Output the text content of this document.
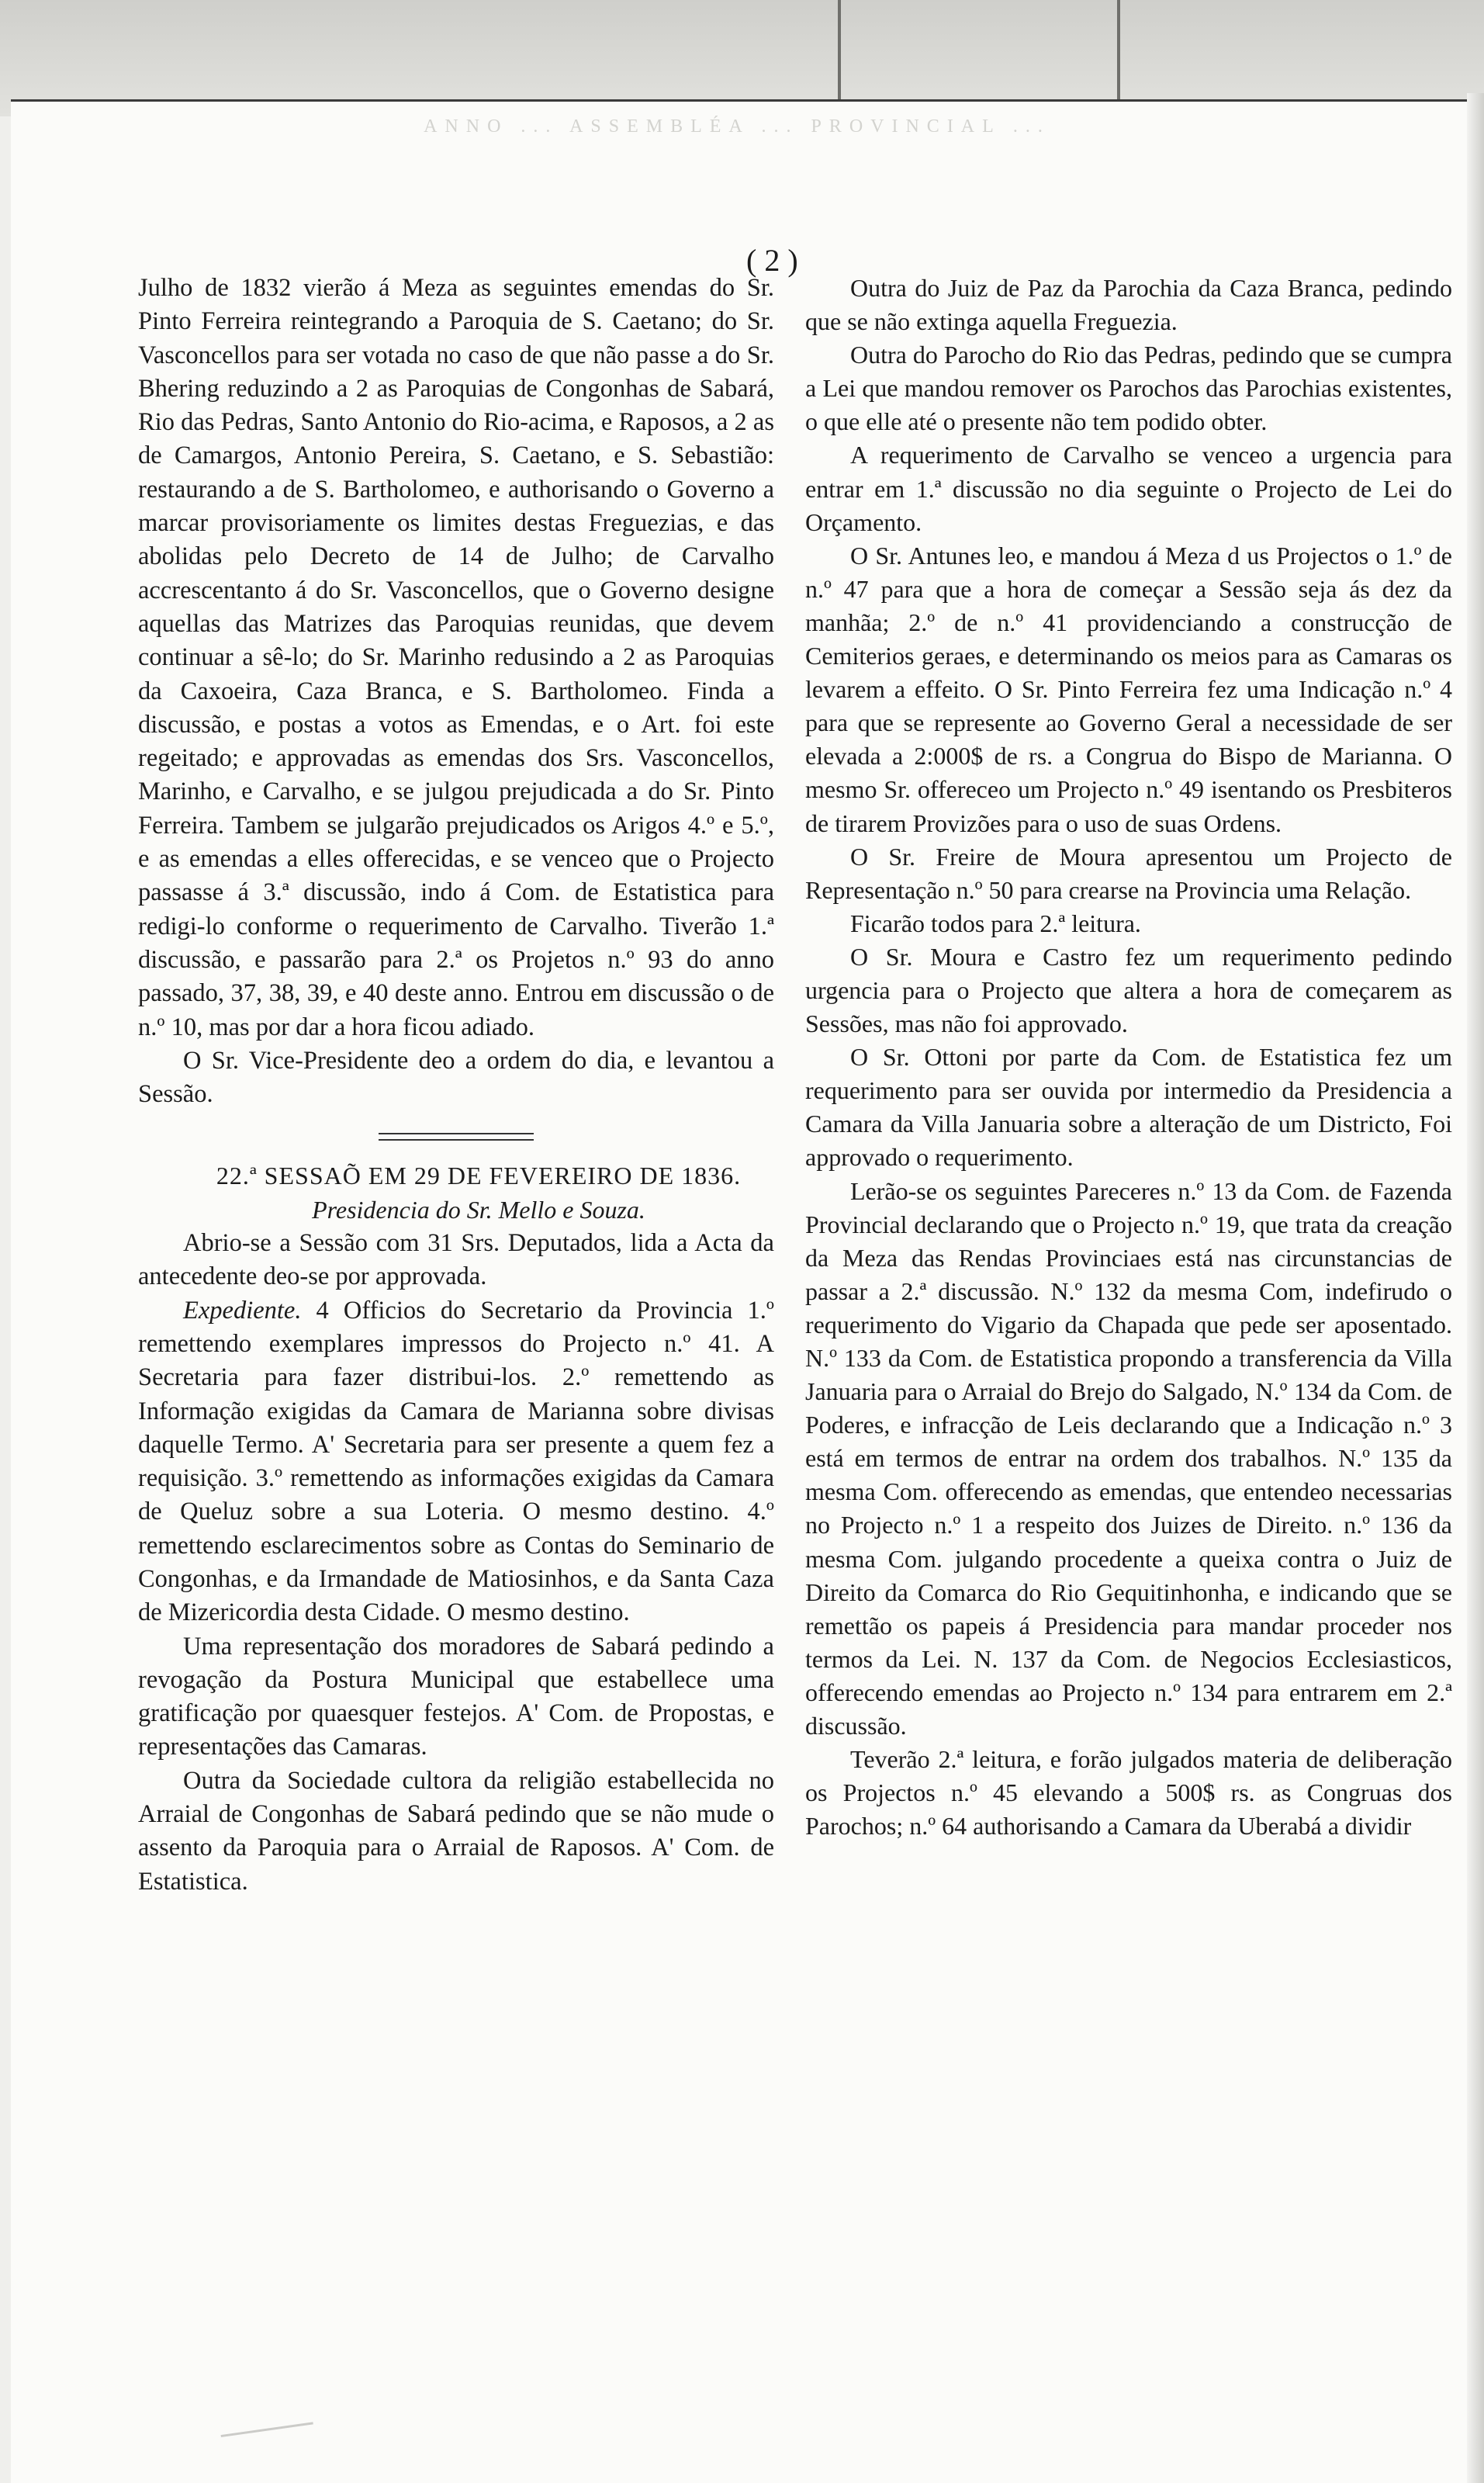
ANNO ... ASSEMBLÉA ... PROVINCIAL ...
( 2 )

Julho de 1832 vierão á Meza as seguintes emendas do Sr. Pinto Ferreira reintegrando a Paroquia de S. Caetano; do Sr. Vasconcellos para ser votada no caso de que não passe a do Sr. Bhering reduzindo a 2 as Paroquias de Congonhas de Sabará, Rio das Pedras, Santo Antonio do Rio-acima, e Raposos, a 2 as de Camargos, Antonio Pereira, S. Caetano, e S. Sebastião: restaurando a de S. Bartholomeo, e authorisando o Governo a marcar provisoriamente os limites destas Freguezias, e das abolidas pelo Decreto de 14 de Julho; de Carvalho accrescentanto á do Sr. Vasconcellos, que o Governo designe aquellas das Matrizes das Paroquias reunidas, que devem continuar a sê-lo; do Sr. Marinho redusindo a 2 as Paroquias da Caxoeira, Caza Branca, e S. Bartholomeo. Finda a discussão, e postas a votos as Emendas, e o Art. foi este regeitado; e approvadas as emendas dos Srs. Vasconcellos, Marinho, e Carvalho, e se julgou prejudicada a do Sr. Pinto Ferreira. Tambem se julgarão prejudicados os Arigos 4.º e 5.º, e as emendas a elles offerecidas, e se venceo que o Projecto passasse á 3.ª discussão, indo á Com. de Estatistica para redigi-lo conforme o requerimento de Carvalho. Tiverão 1.ª discussão, e passarão para 2.ª os Projetos n.º 93 do anno passado, 37, 38, 39, e 40 deste anno. Entrou em discussão o de n.º 10, mas por dar a hora ficou adiado.

O Sr. Vice-Presidente deo a ordem do dia, e levantou a Sessão.

22.ª SESSAÕ EM 29 DE FEVEREIRO DE 1836.

Presidencia do Sr. Mello e Souza.

Abrio-se a Sessão com 31 Srs. Deputados, lida a Acta da antecedente deo-se por approvada.

Expediente. 4 Officios do Secretario da Provincia 1.º remettendo exemplares impressos do Projecto n.º 41. A Secretaria para fazer distribui-los. 2.º remettendo as Informação exigidas da Camara de Marianna sobre divisas daquelle Termo. A' Secretaria para ser presente a quem fez a requisição. 3.º remettendo as informações exigidas da Camara de Queluz sobre a sua Loteria. O mesmo destino. 4.º remettendo esclarecimentos sobre as Contas do Seminario de Congonhas, e da Irmandade de Matiosinhos, e da Santa Caza de Mizericordia desta Cidade. O mesmo destino.

Uma representação dos moradores de Sabará pedindo a revogação da Postura Municipal que estabellece uma gratificação por quaesquer festejos. A' Com. de Propostas, e representações das Camaras.

Outra da Sociedade cultora da religião estabellecida no Arraial de Congonhas de Sabará pedindo que se não mude o assento da Paroquia para o Arraial de Raposos. A' Com. de Estatistica.

Outra do Juiz de Paz da Parochia da Caza Branca, pedindo que se não extinga aquella Freguezia.

Outra do Parocho do Rio das Pedras, pedindo que se cumpra a Lei que mandou remover os Parochos das Parochias existentes, o que elle até o presente não tem podido obter.

A requerimento de Carvalho se venceo a urgencia para entrar em 1.ª discussão no dia seguinte o Projecto de Lei do Orçamento.

O Sr. Antunes leo, e mandou á Meza d us Projectos o 1.º de n.º 47 para que a hora de começar a Sessão seja ás dez da manhãa; 2.º de n.º 41 providenciando a construcção de Cemiterios geraes, e determinando os meios para as Camaras os levarem a effeito. O Sr. Pinto Ferreira fez uma Indicação n.º 4 para que se represente ao Governo Geral a necessidade de ser elevada a 2:000$ de rs. a Congrua do Bispo de Marianna. O mesmo Sr. offereceo um Projecto n.º 49 isentando os Presbiteros de tirarem Provizões para o uso de suas Ordens.

O Sr. Freire de Moura apresentou um Projecto de Representação n.º 50 para crearse na Provincia uma Relação.

Ficarão todos para 2.ª leitura.

O Sr. Moura e Castro fez um requerimento pedindo urgencia para o Projecto que altera a hora de começarem as Sessões, mas não foi approvado.

O Sr. Ottoni por parte da Com. de Estatistica fez um requerimento para ser ouvida por intermedio da Presidencia a Camara da Villa Januaria sobre a alteração de um Districto, Foi approvado o requerimento.

Lerão-se os seguintes Pareceres n.º 13 da Com. de Fazenda Provincial declarando que o Projecto n.º 19, que trata da creação da Meza das Rendas Provinciaes está nas circunstancias de passar a 2.ª discussão. N.º 132 da mesma Com, indefirudo o requerimento do Vigario da Chapada que pede ser aposentado. N.º 133 da Com. de Estatistica propondo a transferencia da Villa Januaria para o Arraial do Brejo do Salgado, N.º 134 da Com. de Poderes, e infracção de Leis declarando que a Indicação n.º 3 está em termos de entrar na ordem dos trabalhos. N.º 135 da mesma Com. offerecendo as emendas, que entendeo necessarias no Projecto n.º 1 a respeito dos Juizes de Direito. n.º 136 da mesma Com. julgando procedente a queixa contra o Juiz de Direito da Comarca do Rio Gequitinhonha, e indicando que se remettão os papeis á Presidencia para mandar proceder nos termos da Lei. N. 137 da Com. de Negocios Ecclesiasticos, offerecendo emendas ao Projecto n.º 134 para entrarem em 2.ª discussão.

Teverão 2.ª leitura, e forão julgados materia de deliberação os Projectos n.º 45 elevando a 500$ rs. as Congruas dos Parochos; n.º 64 authorisando a Camara da Uberabá a dividir
